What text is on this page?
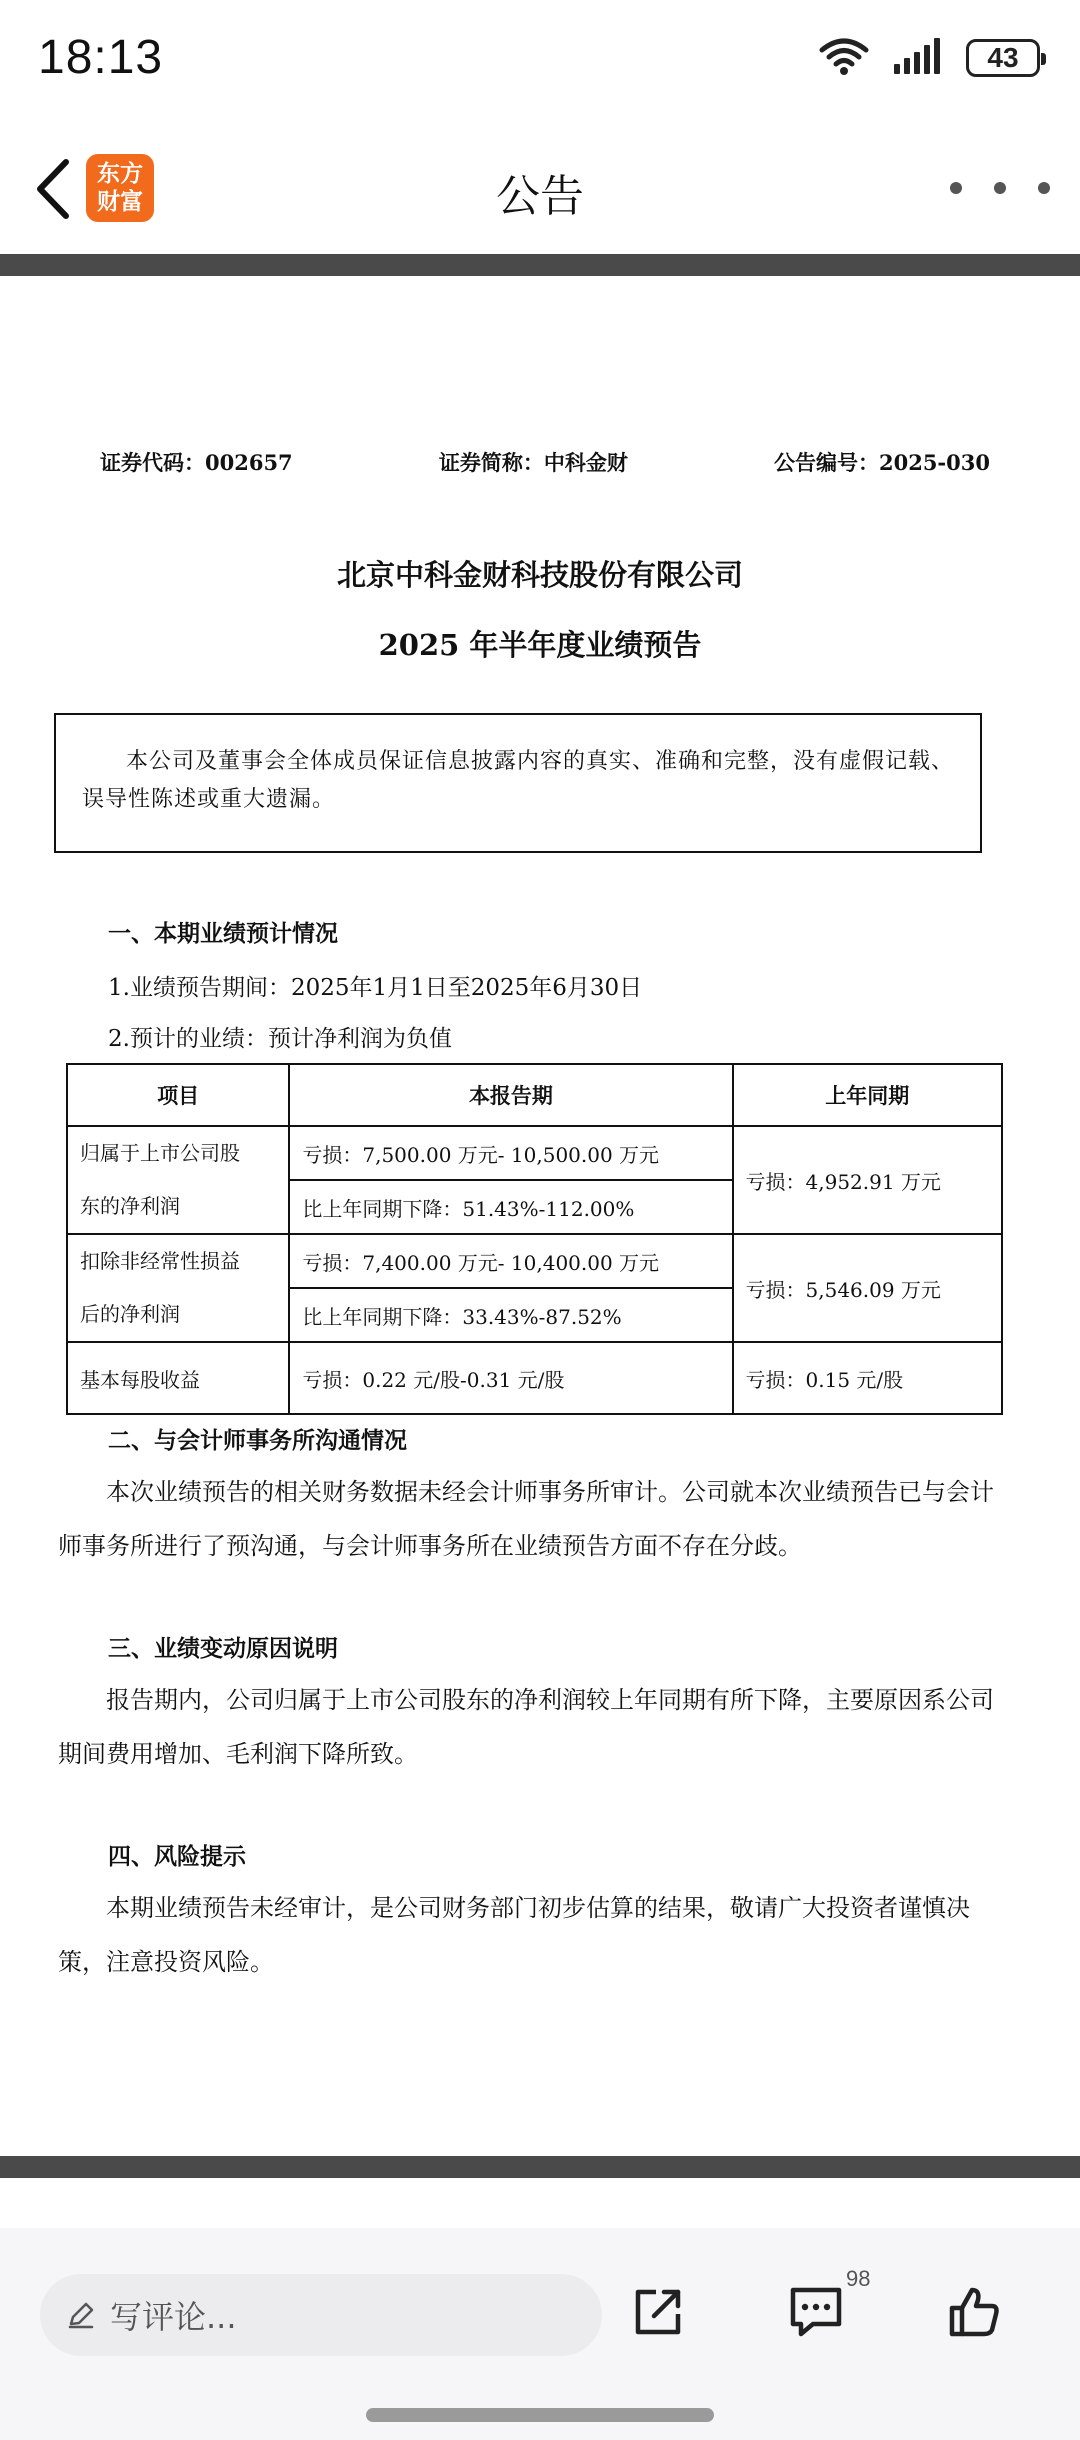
18:13	43
东方
财富	公告
证券代码：002657	证券简称：中科金财	公告编号：2025-030
北京中科金财科技股份有限公司
2025 年半年度业绩预告
本公司及董事会全体成员保证信息披露内容的真实、准确和完整，没有虚假记载、误导性陈述或重大遗漏。
一、本期业绩预计情况
1.业绩预告期间：2025年1月1日至2025年6月30日
2.预计的业绩：预计净利润为负值
项目	本报告期	上年同期

归属于上市公司股
东的净利润	亏损：7,500.00 万元- 10,500.00 万元	亏损：4,952.91 万元
	比上年同期下降：51.43%-112.00%	

扣除非经常性损益
后的净利润	亏损：7,400.00 万元- 10,400.00 万元	亏损：5,546.09 万元
	比上年同期下降：33.43%-87.52%	
基本每股收益	亏损：0.22 元/股-0.31 元/股	亏损：0.15 元/股
二、与会计师事务所沟通情况
本次业绩预告的相关财务数据未经会计师事务所审计。公司就本次业绩预告已与会计师事务所进行了预沟通，与会计师事务所在业绩预告方面不存在分歧。
三、业绩变动原因说明
报告期内，公司归属于上市公司股东的净利润较上年同期有所下降，主要原因系公司期间费用增加、毛利润下降所致。
四、风险提示
本期业绩预告未经审计，是公司财务部门初步估算的结果，敬请广大投资者谨慎决策，注意投资风险。
写评论...
98
